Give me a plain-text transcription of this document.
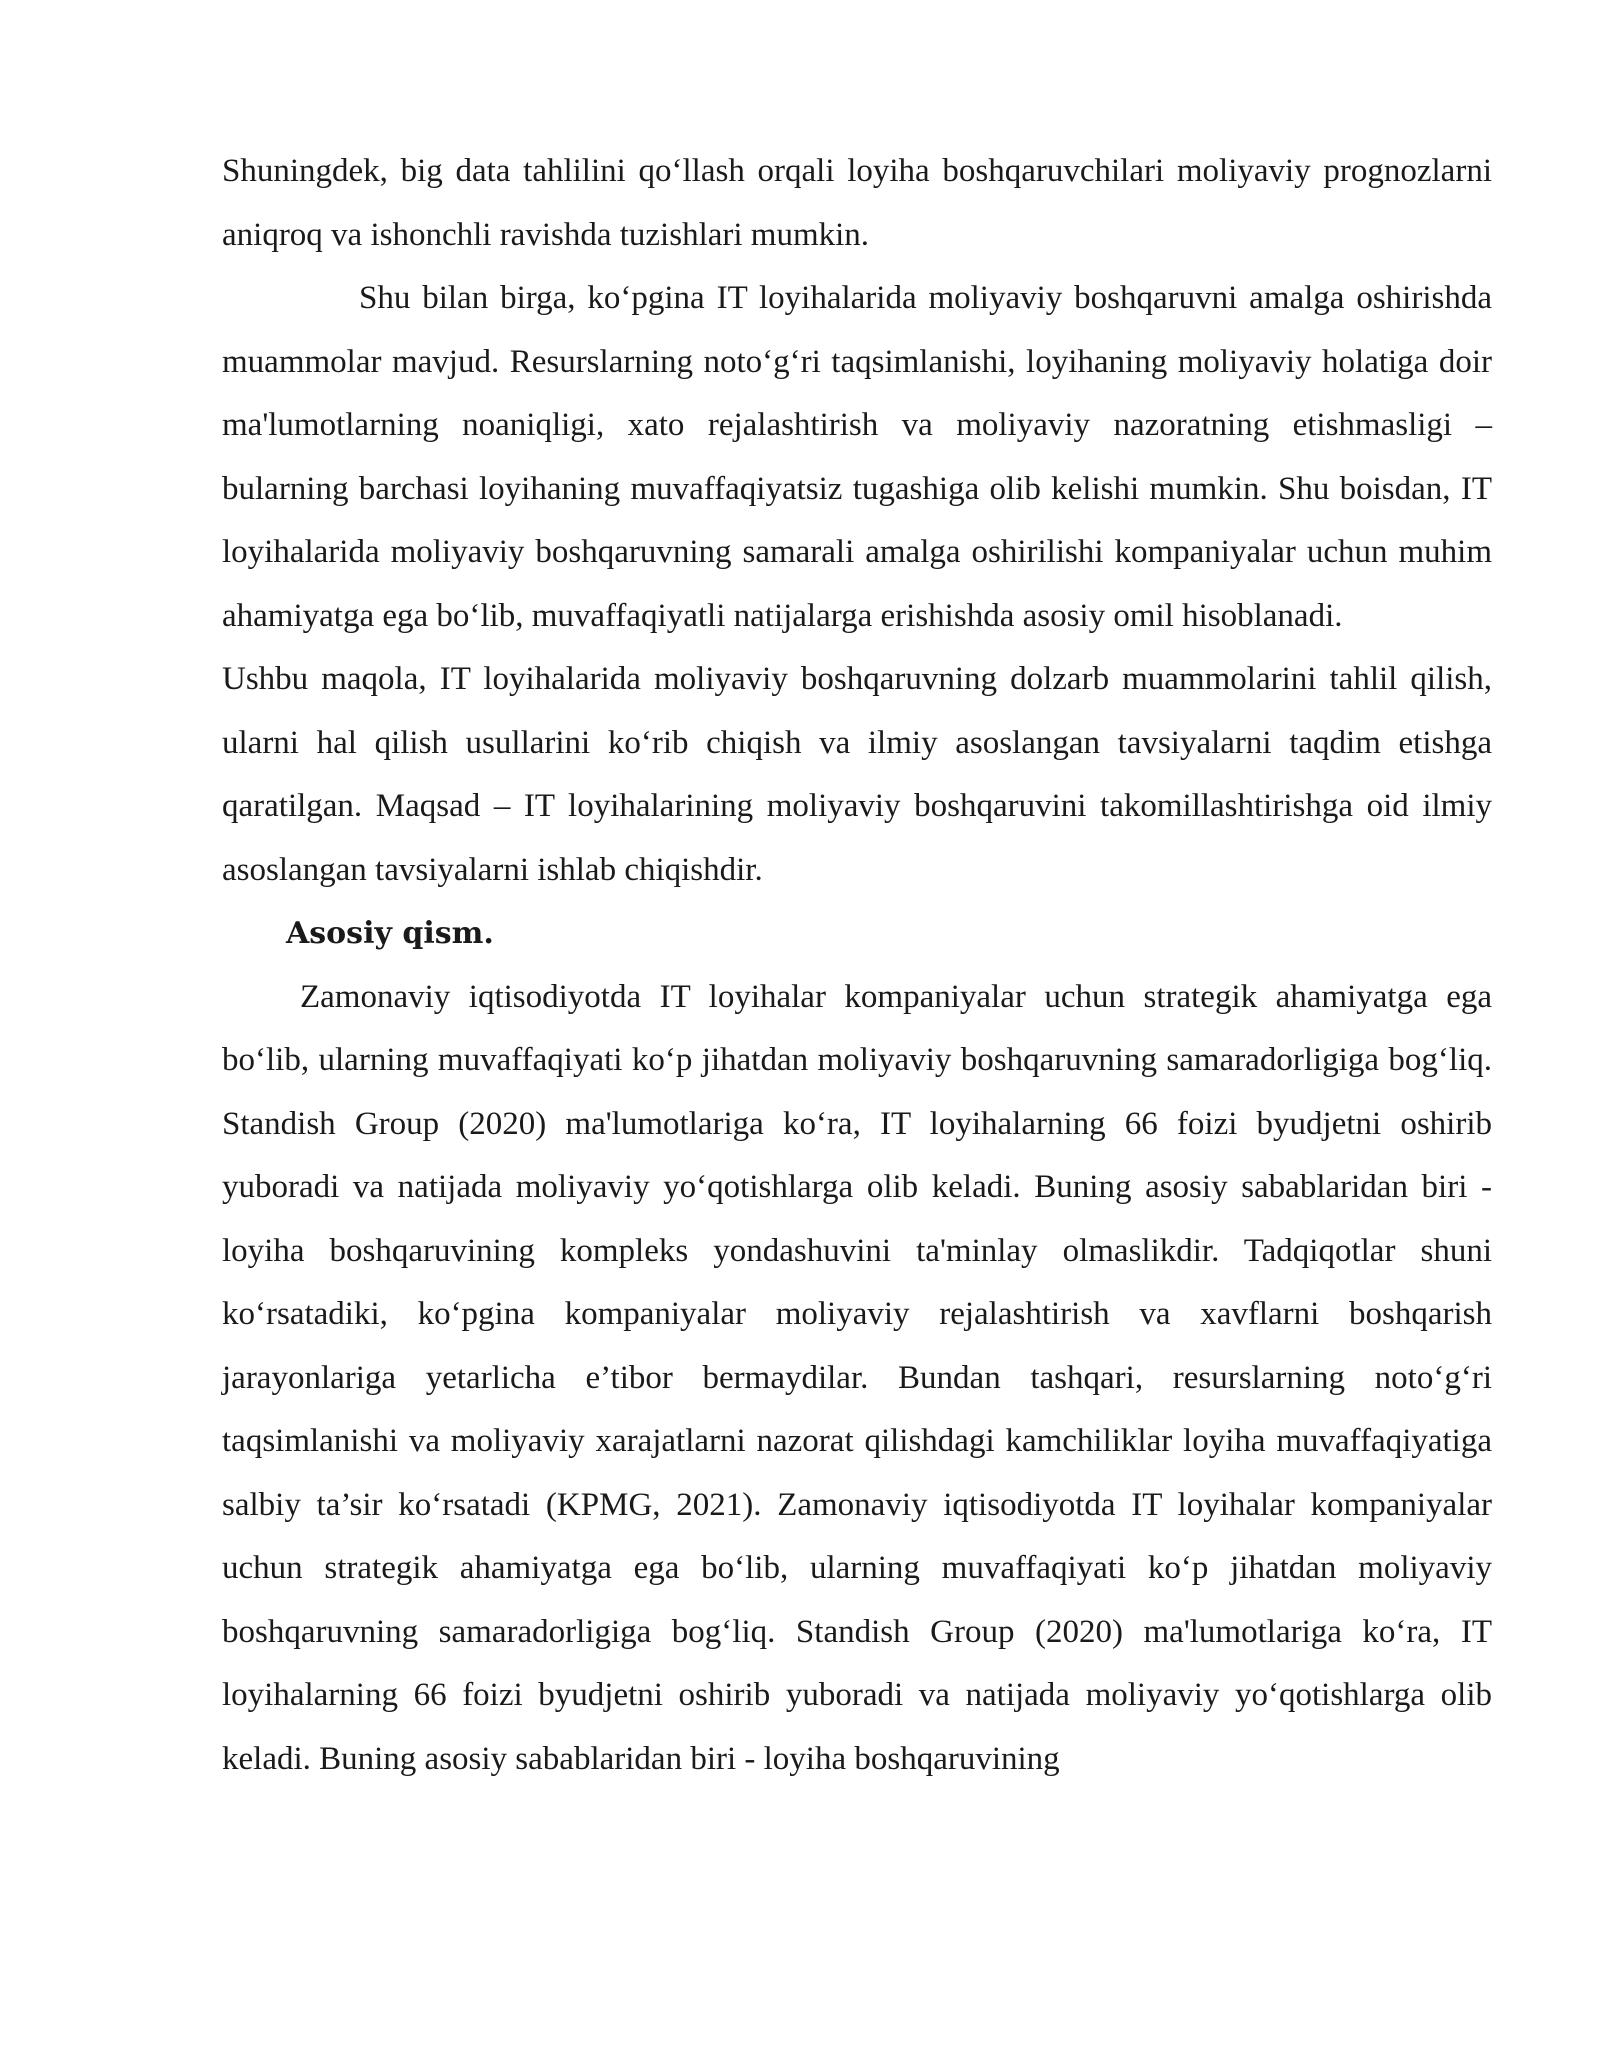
Shuningdek, big data tahlilini qo‘llash orqali loyiha boshqaruvchilari moliyaviy prognozlarni aniqroq va ishonchli ravishda tuzishlari mumkin.

Shu bilan birga, ko‘pgina IT loyihalarida moliyaviy boshqaruvni amalga oshirishda muammolar mavjud. Resurslarning noto‘g‘ri taqsimlanishi, loyihaning moliyaviy holatiga doir ma'lumotlarning noaniqligi, xato rejalashtirish va moliyaviy nazoratning etishmasligi – bularning barchasi loyihaning muvaffaqiyatsiz tugashiga olib kelishi mumkin. Shu boisdan, IT loyihalarida moliyaviy boshqaruvning samarali amalga oshirilishi kompaniyalar uchun muhim ahamiyatga ega bo‘lib, muvaffaqiyatli natijalarga erishishda asosiy omil hisoblanadi.

Ushbu maqola, IT loyihalarida moliyaviy boshqaruvning dolzarb muammolarini tahlil qilish, ularni hal qilish usullarini ko‘rib chiqish va ilmiy asoslangan tavsiyalarni taqdim etishga qaratilgan. Maqsad – IT loyihalarining moliyaviy boshqaruvini takomillashtirishga oid ilmiy asoslangan tavsiyalarni ishlab chiqishdir.

Asosiy qism.

Zamonaviy iqtisodiyotda IT loyihalar kompaniyalar uchun strategik ahamiyatga ega bo‘lib, ularning muvaffaqiyati ko‘p jihatdan moliyaviy boshqaruvning samaradorligiga bog‘liq. Standish Group (2020) ma'lumotlariga ko‘ra, IT loyihalarning 66 foizi byudjetni oshirib yuboradi va natijada moliyaviy yo‘qotishlarga olib keladi. Buning asosiy sabablaridan biri - loyiha boshqaruvining kompleks yondashuvini ta'minlay olmaslikdir. Tadqiqotlar shuni ko‘rsatadiki, ko‘pgina kompaniyalar moliyaviy rejalashtirish va xavflarni boshqarish jarayonlariga yetarlicha e’tibor bermaydilar. Bundan tashqari, resurslarning noto‘g‘ri taqsimlanishi va moliyaviy xarajatlarni nazorat qilishdagi kamchiliklar loyiha muvaffaqiyatiga salbiy ta’sir ko‘rsatadi (KPMG, 2021). Zamonaviy iqtisodiyotda IT loyihalar kompaniyalar uchun strategik ahamiyatga ega bo‘lib, ularning muvaffaqiyati ko‘p jihatdan moliyaviy boshqaruvning samaradorligiga bog‘liq. Standish Group (2020) ma'lumotlariga ko‘ra, IT loyihalarning 66 foizi byudjetni oshirib yuboradi va natijada moliyaviy yo‘qotishlarga olib keladi. Buning asosiy sabablaridan biri - loyiha boshqaruvining
